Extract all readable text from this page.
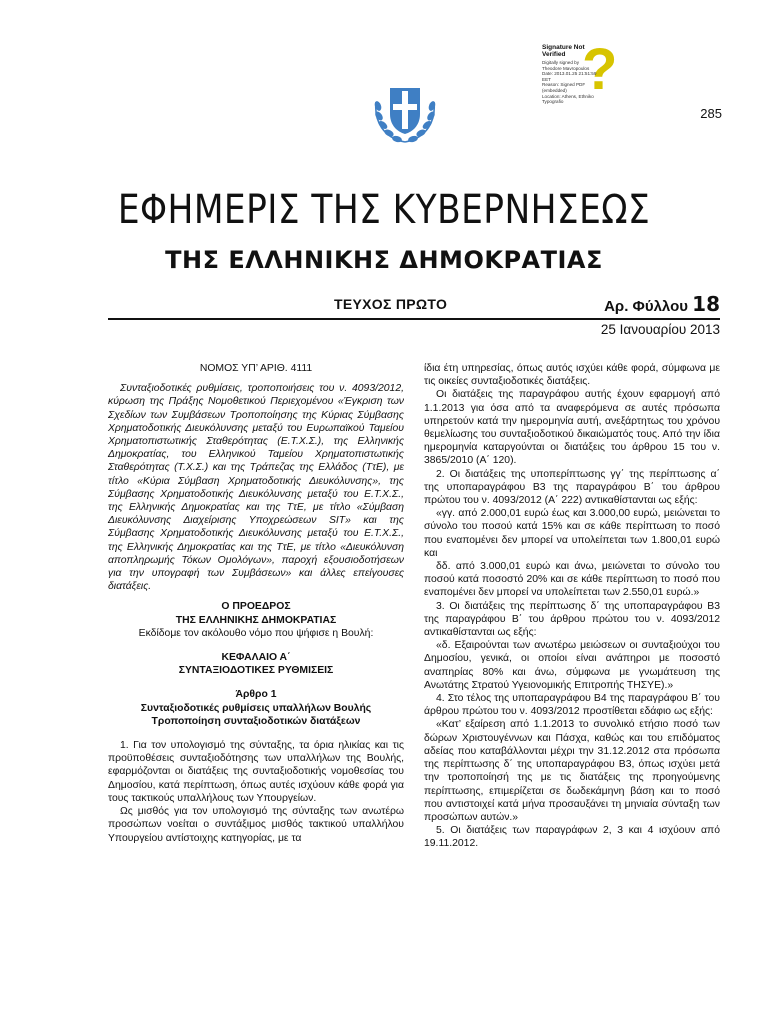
?
Signature Not
Verified
Digitally signed by
Theodore Mavropoulos
Date: 2013.01.25 21:51:59
EET
Reason: Signed PDF
(embedded)
Location: Athens, Ethniko
Typografio
285
ΕΦΗΜΕΡΙΣ ΤΗΣ ΚΥΒΕΡΝΗΣΕΩΣ
ΤΗΣ ΕΛΛΗΝΙΚΗΣ ΔΗΜΟΚΡΑΤΙΑΣ
ΤΕΥΧΟΣ ΠΡΩΤΟ	Αρ. Φύλλου 18
25 Ιανουαρίου 2013

ΝΟΜΟΣ ΥΠ’ ΑΡΙΘ. 4111

Συνταξιοδοτικές ρυθμίσεις, τροποποιήσεις του ν. 4093/2012, κύρωση της Πράξης Νομοθετικού Περιεχομένου «Έγκριση των Σχεδίων των Συμβάσεων Τροποποίησης της Κύριας Σύμβασης Χρηματοδοτικής Διευκόλυνσης μεταξύ του Ευρωπαϊκού Ταμείου Χρηματοπιστωτικής Σταθερότητας (Ε.Τ.Χ.Σ.), της Ελληνικής Δημοκρατίας, του Ελληνικού Ταμείου Χρηματοπιστωτικής Σταθερότητας (Τ.Χ.Σ.) και της Τράπεζας της Ελλάδος (ΤτΕ), με τίτλο «Κύρια Σύμβαση Χρηματοδοτικής Διευκόλυνσης», της Σύμβασης Χρηματοδοτικής Διευκόλυνσης μεταξύ του Ε.Τ.Χ.Σ., της Ελληνικής Δημοκρατίας και της ΤτΕ, με τίτλο «Σύμβαση Διευκόλυνσης Διαχείρισης Υποχρεώσεων SIT» και της Σύμβασης Χρηματοδοτικής Διευκόλυνσης μεταξύ του Ε.Τ.Χ.Σ., της Ελληνικής Δημοκρατίας και της ΤτΕ, με τίτλο «Διευκόλυνση αποπληρωμής Τόκων Ομολόγων», παροχή εξουσιοδοτήσεων για την υπογραφή των Συμβάσεων» και άλλες επείγουσες διατάξεις.

Ο ΠΡΟΕΔΡΟΣ

ΤΗΣ ΕΛΛΗΝΙΚΗΣ ΔΗΜΟΚΡΑΤΙΑΣ

Εκδίδομε τον ακόλουθο νόμο που ψήφισε η Βουλή:

ΚΕΦΑΛΑΙΟ Α΄

ΣΥΝΤΑΞΙΟΔΟΤΙΚΕΣ ΡΥΘΜΙΣΕΙΣ

Άρθρο 1

Συνταξιοδοτικές ρυθμίσεις υπαλλήλων Βουλής

Τροποποίηση συνταξιοδοτικών διατάξεων

1. Για τον υπολογισμό της σύνταξης, τα όρια ηλικίας και τις προϋποθέσεις συνταξιοδότησης των υπαλλήλων της Βουλής, εφαρμόζονται οι διατάξεις της συνταξιοδοτικής νομοθεσίας του Δημοσίου, κατά περίπτωση, όπως αυτές ισχύουν κάθε φορά για τους τακτικούς υπαλλήλους των Υπουργείων.

Ως μισθός για τον υπολογισμό της σύνταξης των ανωτέρω προσώπων νοείται ο συντάξιμος μισθός τακτικού υπαλλήλου Υπουργείου αντίστοιχης κατηγορίας, με τα

ίδια έτη υπηρεσίας, όπως αυτός ισχύει κάθε φορά, σύμφωνα με τις οικείες συνταξιοδοτικές διατάξεις.

Οι διατάξεις της παραγράφου αυτής έχουν εφαρμογή από 1.1.2013 για όσα από τα αναφερόμενα σε αυτές πρόσωπα υπηρετούν κατά την ημερομηνία αυτή, ανεξάρτητως του χρόνου θεμελίωσης του συνταξιοδοτικού δικαιώματός τους. Από την ίδια ημερομηνία καταργούνται οι διατάξεις του άρθρου 15 του ν. 3865/2010 (Α΄ 120).

2. Οι διατάξεις της υποπερίπτωσης γγ΄ της περίπτωσης α΄ της υποπαραγράφου Β3 της παραγράφου Β΄ του άρθρου πρώτου του ν. 4093/2012 (Α΄ 222) αντικαθίστανται ως εξής:

«γγ. από 2.000,01 ευρώ έως και 3.000,00 ευρώ, μειώνεται το σύνολο του ποσού κατά 15% και σε κάθε περίπτωση το ποσό που εναπομένει δεν μπορεί να υπολείπεται των 1.800,01 ευρώ και

δδ. από 3.000,01 ευρώ και άνω, μειώνεται το σύνολο του ποσού κατά ποσοστό 20% και σε κάθε περίπτωση το ποσό που εναπομένει δεν μπορεί να υπολείπεται των 2.550,01 ευρώ.»

3. Οι διατάξεις της περίπτωσης δ΄ της υποπαραγράφου Β3 της παραγράφου Β΄ του άρθρου πρώτου του ν. 4093/2012 αντικαθίστανται ως εξής:

«δ. Εξαιρούνται των ανωτέρω μειώσεων οι συνταξιούχοι του Δημοσίου, γενικά, οι οποίοι είναι ανάπηροι με ποσοστό αναπηρίας 80% και άνω, σύμφωνα με γνωμάτευση της Ανωτάτης Στρατού Υγειονομικής Επιτροπής ΤΗΣΥΕ).»

4. Στο τέλος της υποπαραγράφου Β4 της παραγράφου Β΄ του άρθρου πρώτου του ν. 4093/2012 προστίθεται εδάφιο ως εξής:

«Κατ’ εξαίρεση από 1.1.2013 το συνολικό ετήσιο ποσό των δώρων Χριστουγέννων και Πάσχα, καθώς και του επιδόματος αδείας που καταβάλλονται μέχρι την 31.12.2012 στα πρόσωπα της περίπτωσης δ΄ της υποπαραγράφου Β3, όπως ισχύει μετά την τροποποίησή της με τις διατάξεις της προηγούμενης περίπτωσης, επιμερίζεται σε δωδεκάμηνη βάση και το ποσό που αντιστοιχεί κατά μήνα προσαυξάνει τη μηνιαία σύνταξη των προσώπων αυτών.»

5. Οι διατάξεις των παραγράφων 2, 3 και 4 ισχύουν από 19.11.2012.
